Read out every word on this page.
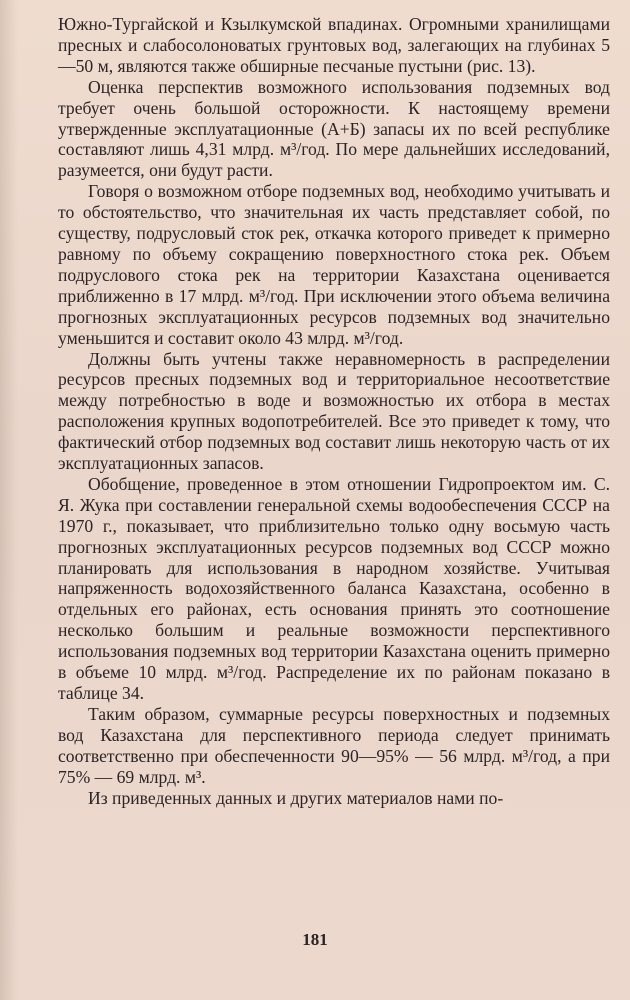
Южно-Тургайской и Кзылкумской впадинах. Огромными хранилищами пресных и слабосолоноватых грунтовых вод, залегающих на глубинах 5—50 м, являются также обширные песчаные пустыни (рис. 13).

Оценка перспектив возможного использования подземных вод требует очень большой осторожности. К настоящему времени утвержденные эксплуатационные (А+Б) запасы их по всей республике составляют лишь 4,31 млрд. м³/год. По мере дальнейших исследований, разумеется, они будут расти.

Говоря о возможном отборе подземных вод, необходимо учитывать и то обстоятельство, что значительная их часть представляет собой, по существу, подрусловый сток рек, откачка которого приведет к примерно равному по объему сокращению поверхностного стока рек. Объем подруслового стока рек на территории Казахстана оценивается приближенно в 17 млрд. м³/год. При исключении этого объема величина прогнозных эксплуатационных ресурсов подземных вод значительно уменьшится и составит около 43 млрд. м³/год.

Должны быть учтены также неравномерность в распределении ресурсов пресных подземных вод и территориальное несоответствие между потребностью в воде и возможностью их отбора в местах расположения крупных водопотребителей. Все это приведет к тому, что фактический отбор подземных вод составит лишь некоторую часть от их эксплуатационных запасов.

Обобщение, проведенное в этом отношении Гидропроектом им. С. Я. Жука при составлении генеральной схемы водообеспечения СССР на 1970 г., показывает, что приблизительно только одну восьмую часть прогнозных эксплуатационных ресурсов подземных вод СССР можно планировать для использования в народном хозяйстве. Учитывая напряженность водохозяйственного баланса Казахстана, особенно в отдельных его районах, есть основания принять это соотношение несколько большим и реальные возможности перспективного использования подземных вод территории Казахстана оценить примерно в объеме 10 млрд. м³/год. Распределение их по районам показано в таблице 34.

Таким образом, суммарные ресурсы поверхностных и подземных вод Казахстана для перспективного периода следует принимать соответственно при обеспеченности 90—95% — 56 млрд. м³/год, а при 75% — 69 млрд. м³.

Из приведенных данных и других материалов нами по-

181
